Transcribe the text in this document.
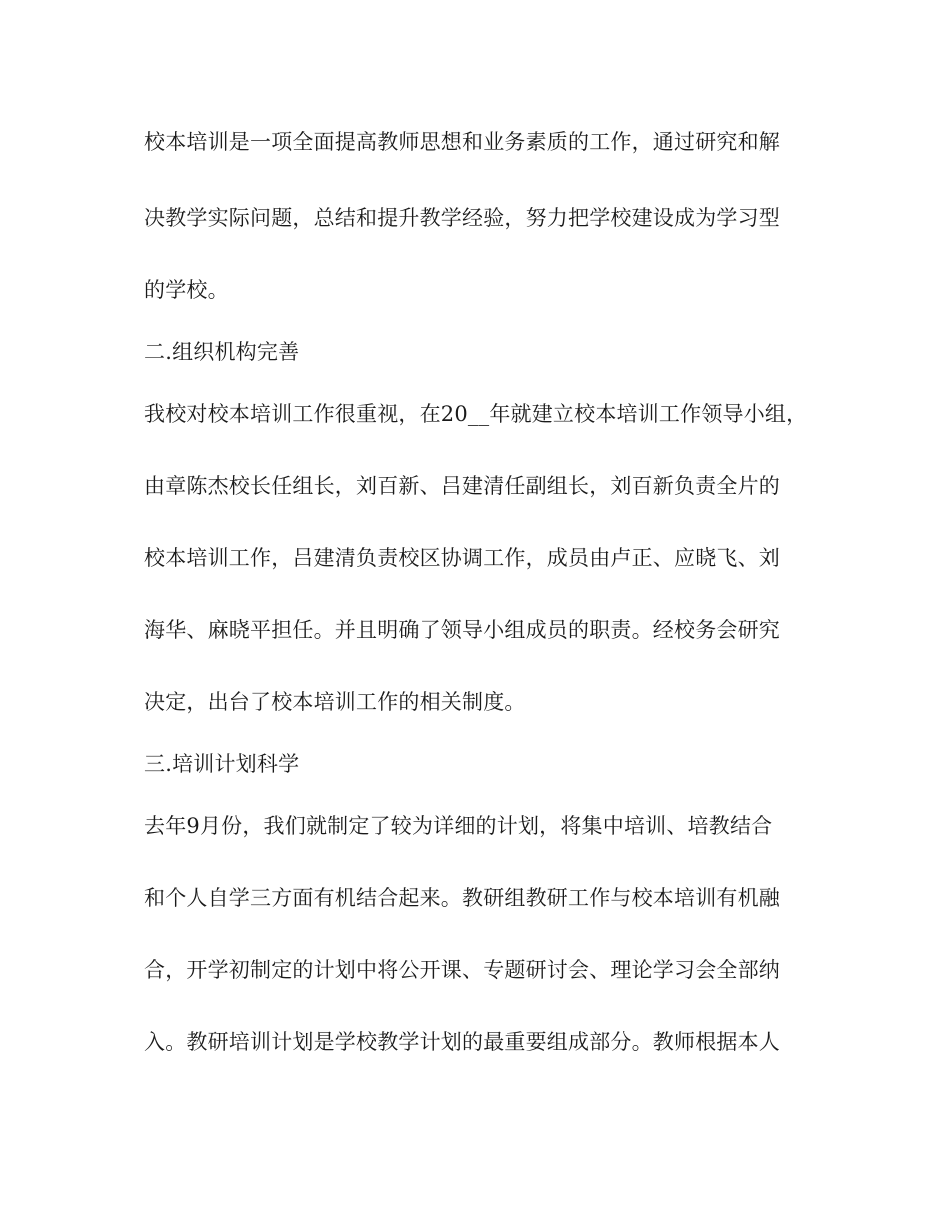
校本培训是一项全面提高教师思想和业务素质的工作，通过研究和解
决教学实际问题，总结和提升教学经验，努力把学校建设成为学习型
的学校。
二.组织机构完善
我校对校本培训工作很重视，在20__年就建立校本培训工作领导小组，
由章陈杰校长任组长，刘百新、吕建清任副组长，刘百新负责全片的
校本培训工作，吕建清负责校区协调工作，成员由卢正、应晓飞、刘
海华、麻晓平担任。并且明确了领导小组成员的职责。经校务会研究
决定，出台了校本培训工作的相关制度。
三.培训计划科学
去年9月份，我们就制定了较为详细的计划，将集中培训、培教结合
和个人自学三方面有机结合起来。教研组教研工作与校本培训有机融
合，开学初制定的计划中将公开课、专题研讨会、理论学习会全部纳
入。教研培训计划是学校教学计划的最重要组成部分。教师根据本人
